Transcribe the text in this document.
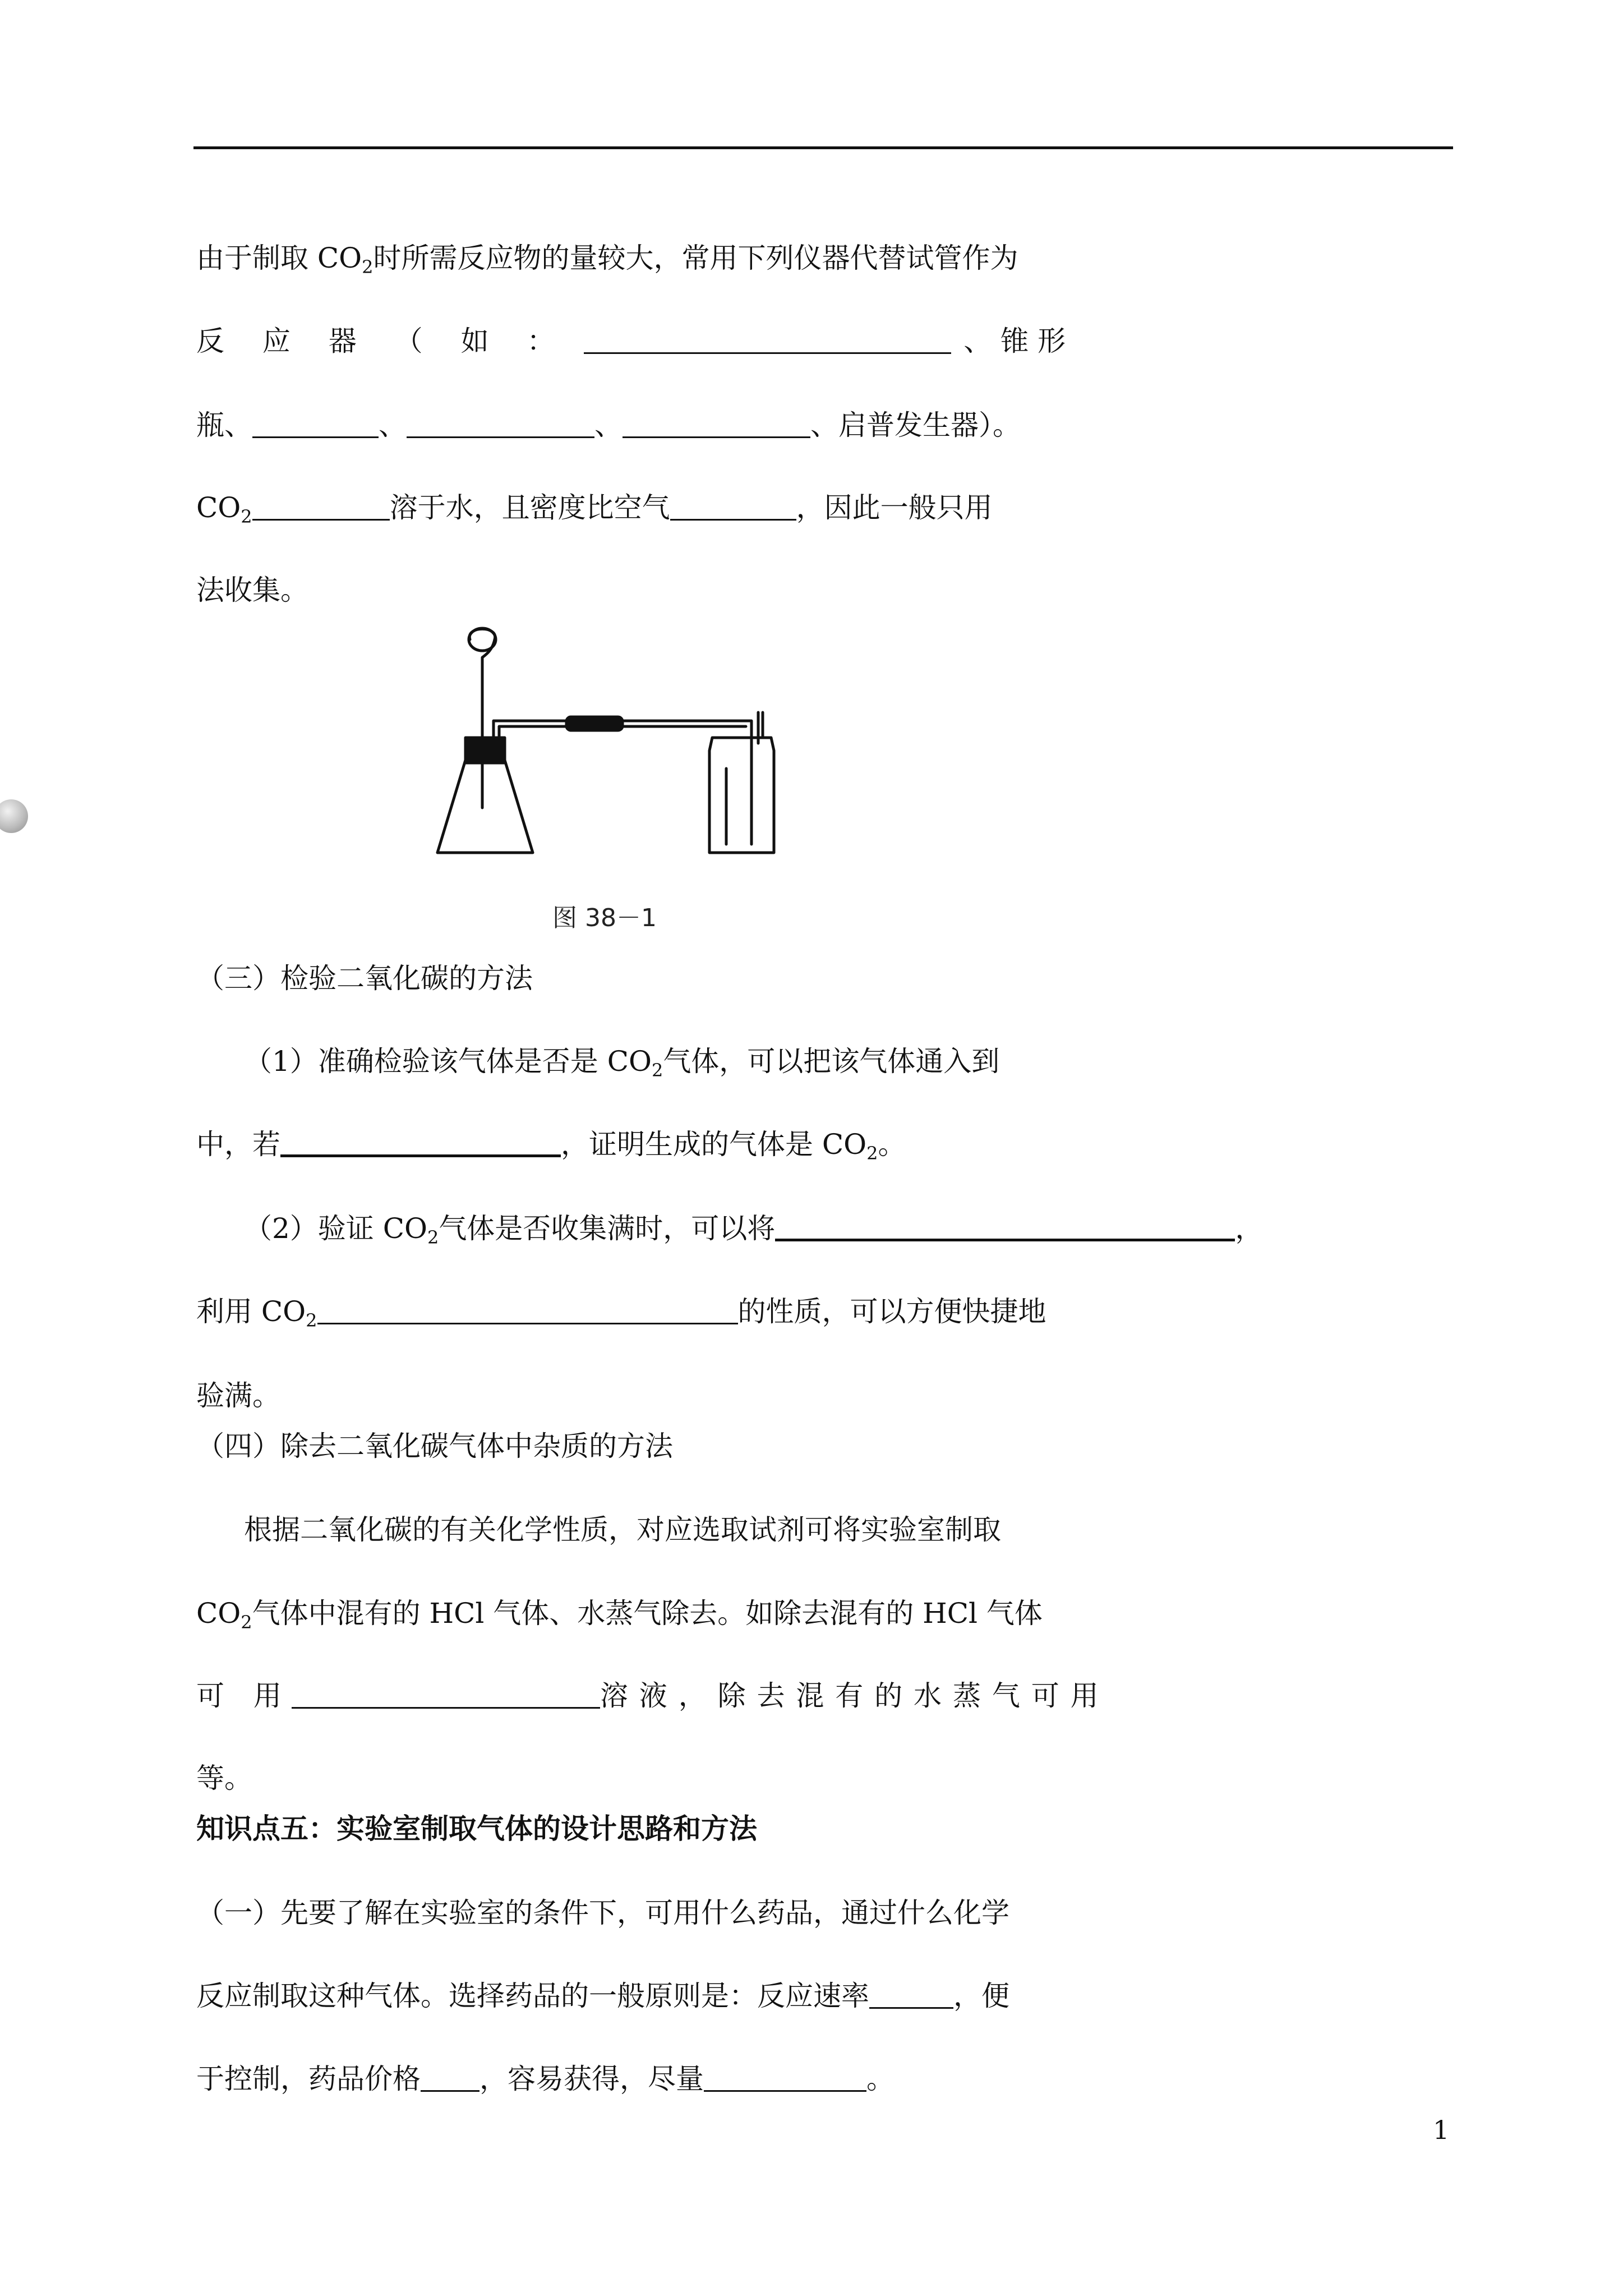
由于制取 $CO_2$时所需反应物的量较大，常用下列仪器代替试管作为
反 应 器 （ 如 ：	、 锥 形
瓶、	、	、	、启普发生器）。
$CO_2$	溶于水，且密度比空气	，因此一般只用
法收集。
图 38－1
（三）检验二氧化碳的方法
（1）准确检验该气体是否是 $CO_2$气体，可以把该气体通入到
中，若	，证明生成的气体是 $CO_2$。
（2）验证 $CO_2$气体是否收集满时，可以将	，
利用 $CO_2$	的性质，可以方便快捷地
验满。
（四）除去二氧化碳气体中杂质的方法
根据二氧化碳的有关化学性质，对应选取试剂可将实验室制取
$CO_2$气体中混有的 HCl 气体、水蒸气除去。如除去混有的 HCl 气体
可 用	溶 液 ， 除 去 混 有 的 水 蒸 气 可 用
等。
知识点五：实验室制取气体的设计思路和方法
（一）先要了解在实验室的条件下，可用什么药品，通过什么化学
反应制取这种气体。选择药品的一般原则是：反应速率	，便
于控制，药品价格 ，容易获得，尽量	。
1
